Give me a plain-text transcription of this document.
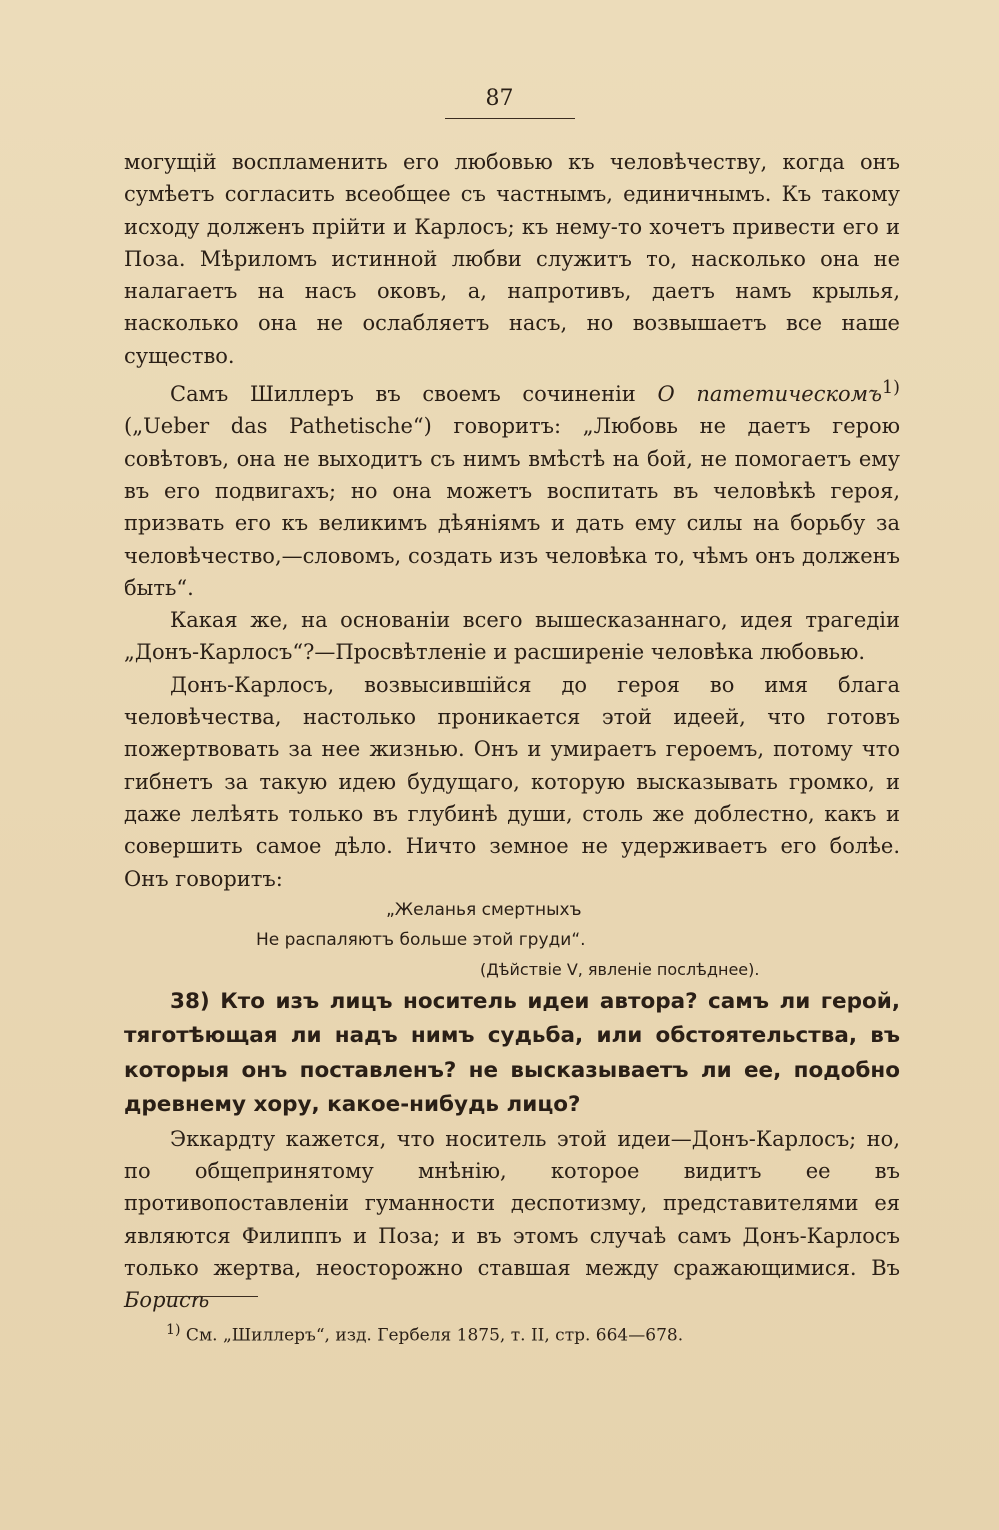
87

могущій воспламенить его любовью къ человѣчеству, когда онъ сумѣетъ согласить всеобщее съ частнымъ, единичнымъ. Къ такому исходу долженъ прійти и Карлосъ; къ нему-то хочетъ привести его и Поза. Мѣриломъ истинной любви служитъ то, насколько она не налагаетъ на насъ оковъ, а, напротивъ, даетъ намъ крылья, насколько она не ослабляетъ насъ, но возвышаетъ все наше существо.

Самъ Шиллеръ въ своемъ сочиненіи О патетическомъ$^{1)}$ („Ueber das Pathetische“) говоритъ: „Любовь не даетъ герою совѣтовъ, она не выходитъ съ нимъ вмѣстѣ на бой, не помогаетъ ему въ его подвигахъ; но она можетъ воспитать въ человѣкѣ героя, призвать его къ великимъ дѣяніямъ и дать ему силы на борьбу за человѣчество,—словомъ, создать изъ человѣка то, чѣмъ онъ долженъ быть“.

Какая же, на основаніи всего вышесказаннаго, идея трагедіи „Донъ-Карлосъ“?—Просвѣтленіе и расширеніе человѣка любовью.

Донъ-Карлосъ, возвысившійся до героя во имя блага человѣчества, настолько проникается этой идеей, что готовъ пожертвовать за нее жизнью. Онъ и умираетъ героемъ, потому что гибнетъ за такую идею будущаго, которую высказывать громко, и даже лелѣять только въ глубинѣ души, столь же доблестно, какъ и совершить самое дѣло. Ничто земное не удерживаетъ его болѣе. Онъ говоритъ:

„Желанья смертныхъ

Не распаляютъ больше этой груди“.

(Дѣйствіе V, явленіе послѣднее).

38) Кто изъ лицъ носитель идеи автора? самъ ли герой, тяготѣющая ли надъ нимъ судьба, или обстоятельства, въ которыя онъ поставленъ? не высказываетъ ли ее, подобно древнему хору, какое-нибудь лицо?

Эккардту кажется, что носитель этой идеи—Донъ-Карлосъ; но, по общепринятому мнѣнію, которое видитъ ее въ противопоставленіи гуманности деспотизму, представителями ея являются Филиппъ и Поза; и въ этомъ случаѣ самъ Донъ-Карлосъ только жертва, неосторожно ставшая между сражающимися. Въ Борисѣ

$^{1)}$ См. „Шиллеръ“, изд. Гербеля 1875, т. II, стр. 664—678.
